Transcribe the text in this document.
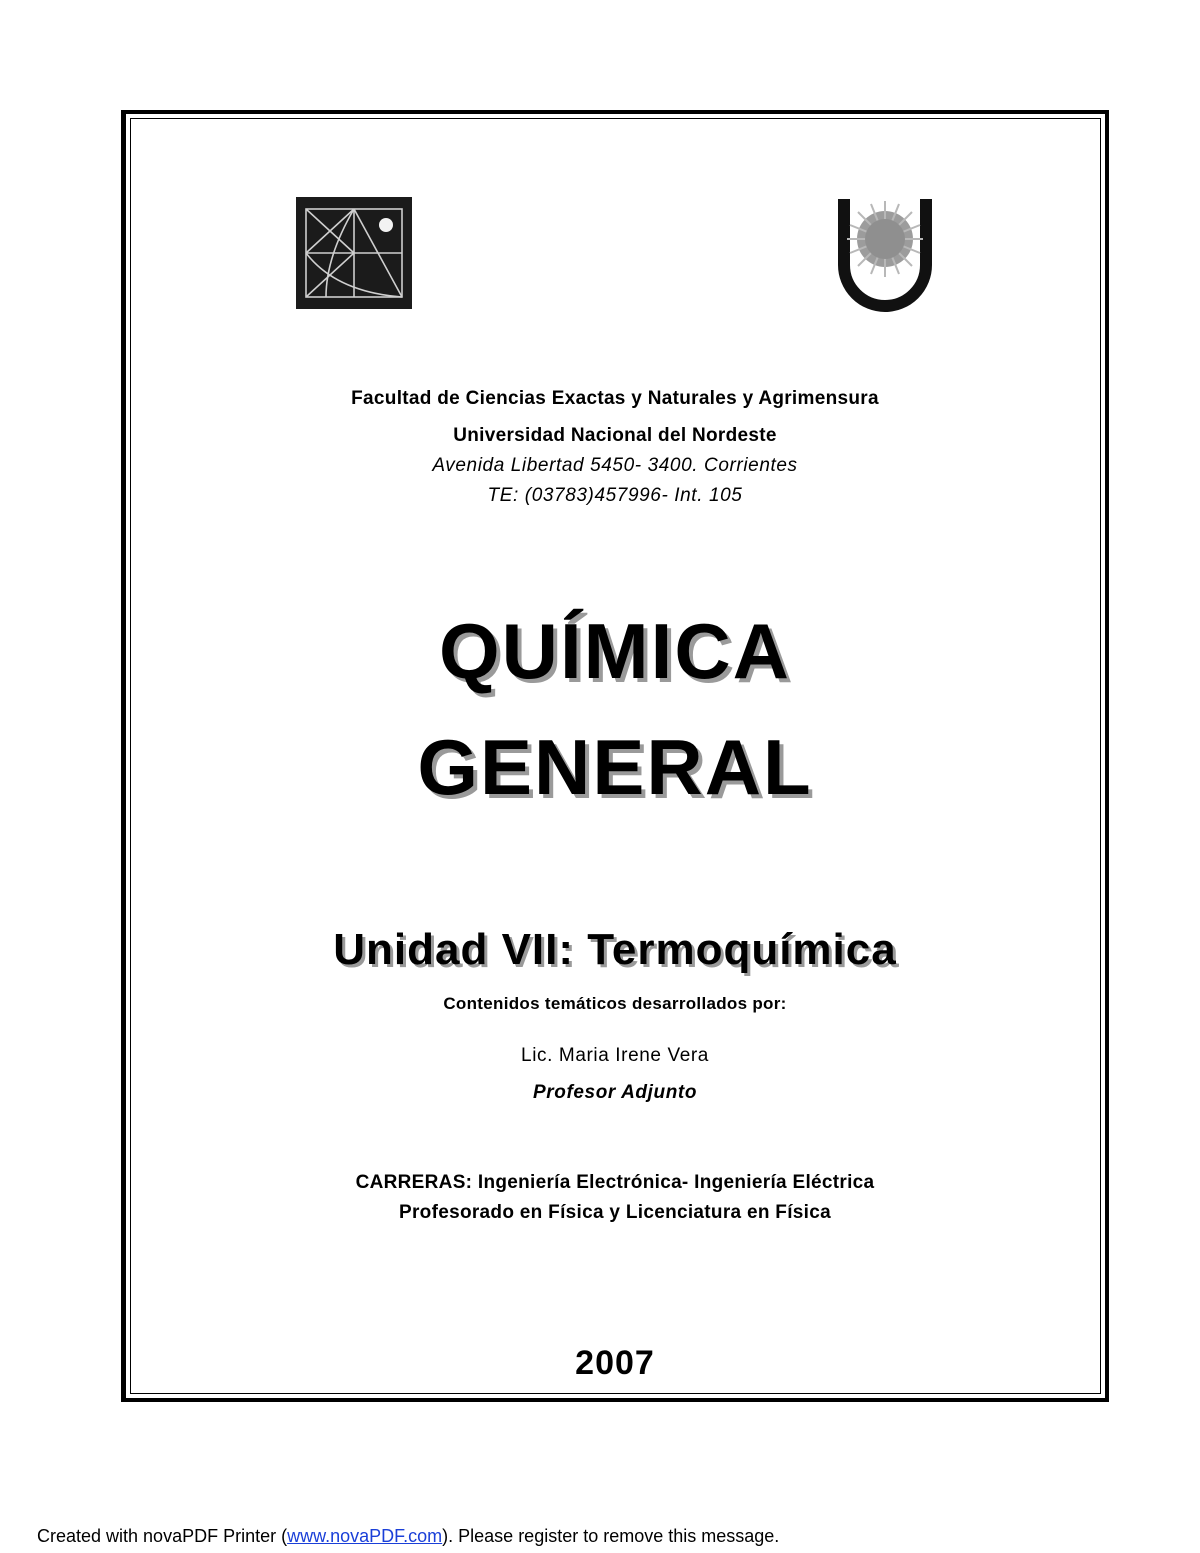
Facultad de Ciencias Exactas y Naturales y Agrimensura
Universidad Nacional del Nordeste
Avenida Libertad 5450- 3400. Corrientes
TE: (03783)457996- Int. 105
QUÍMICA
GENERAL
Unidad VII: Termoquímica
Contenidos temáticos desarrollados por:
Lic. Maria Irene Vera
Profesor Adjunto
CARRERAS: Ingeniería Electrónica- Ingeniería Eléctrica
Profesorado en Física y Licenciatura en Física
2007
Created with novaPDF Printer (www.novaPDF.com). Please register to remove this message.
